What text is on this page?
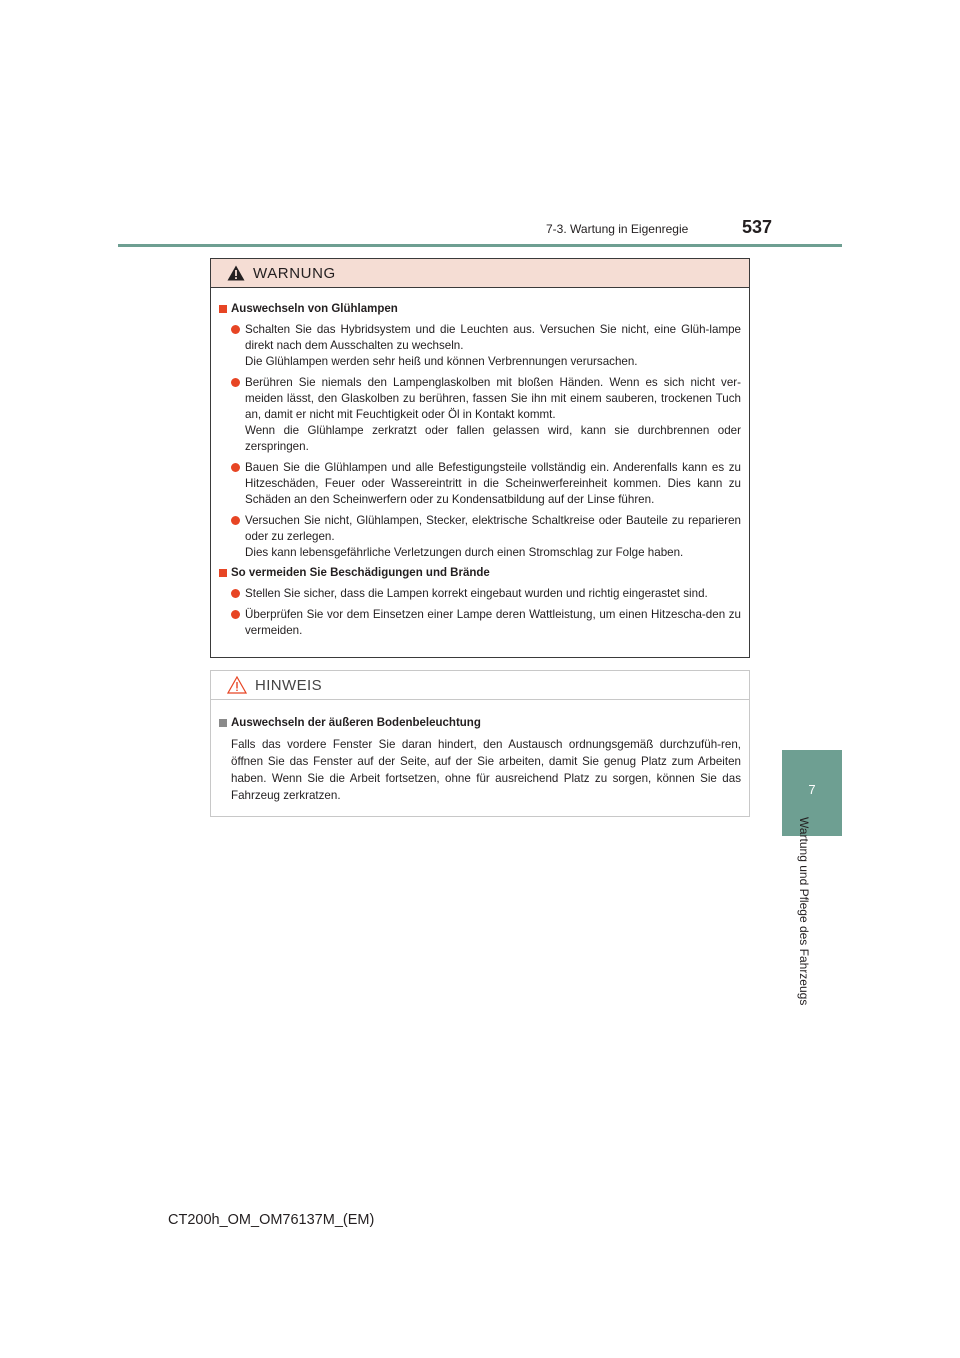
7-3. Wartung in Eigenregie	537
7
Wartung und Pflege des Fahrzeugs
WARNUNG
Auswechseln von Glühlampen
Schalten Sie das Hybridsystem und die Leuchten aus. Versuchen Sie nicht, eine Glüh-lampe direkt nach dem Ausschalten zu wechseln.
Die Glühlampen werden sehr heiß und können Verbrennungen verursachen.
Berühren Sie niemals den Lampenglaskolben mit bloßen Händen. Wenn es sich nicht ver-meiden lässt, den Glaskolben zu berühren, fassen Sie ihn mit einem sauberen, trockenen Tuch an, damit er nicht mit Feuchtigkeit oder Öl in Kontakt kommt.
Wenn die Glühlampe zerkratzt oder fallen gelassen wird, kann sie durchbrennen oder zerspringen.
Bauen Sie die Glühlampen und alle Befestigungsteile vollständig ein. Anderenfalls kann es zu Hitzeschäden, Feuer oder Wassereintritt in die Scheinwerfereinheit kommen. Dies kann zu Schäden an den Scheinwerfern oder zu Kondensatbildung auf der Linse führen.
Versuchen Sie nicht, Glühlampen, Stecker, elektrische Schaltkreise oder Bauteile zu reparieren oder zu zerlegen.
Dies kann lebensgefährliche Verletzungen durch einen Stromschlag zur Folge haben.
So vermeiden Sie Beschädigungen und Brände
Stellen Sie sicher, dass die Lampen korrekt eingebaut wurden und richtig eingerastet sind.
Überprüfen Sie vor dem Einsetzen einer Lampe deren Wattleistung, um einen Hitzescha-den zu vermeiden.
HINWEIS
Auswechseln der äußeren Bodenbeleuchtung
Falls das vordere Fenster Sie daran hindert, den Austausch ordnungsgemäß durchzufüh-ren, öffnen Sie das Fenster auf der Seite, auf der Sie arbeiten, damit Sie genug Platz zum Arbeiten haben. Wenn Sie die Arbeit fortsetzen, ohne für ausreichend Platz zu sorgen, können Sie das Fahrzeug zerkratzen.
CT200h_OM_OM76137M_(EM)
